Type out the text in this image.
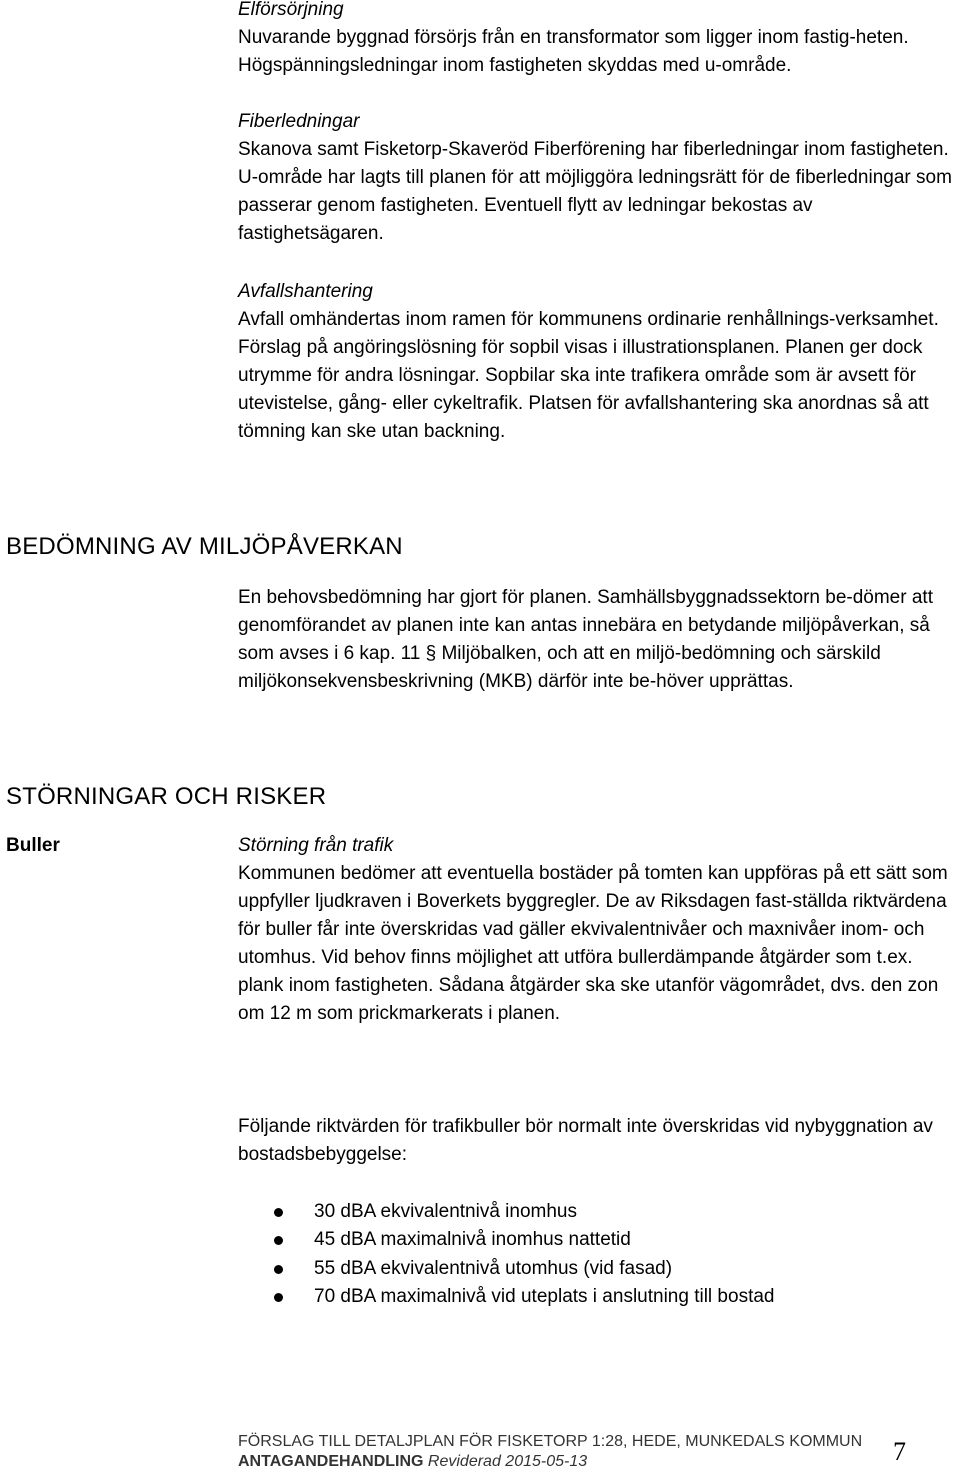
Elförsörjning

Nuvarande byggnad försörjs från en transformator som ligger inom fastig-heten. Högspänningsledningar inom fastigheten skyddas med u-område.

Fiberledningar

Skanova samt Fisketorp-Skaveröd Fiberförening har fiberledningar inom fastigheten. U-område har lagts till planen för att möjliggöra ledningsrätt för de fiberledningar som passerar genom fastigheten. Eventuell flytt av ledningar bekostas av fastighetsägaren.

Avfallshantering

Avfall omhändertas inom ramen för kommunens ordinarie renhållnings-verksamhet. Förslag på angöringslösning för sopbil visas i illustrationsplanen. Planen ger dock utrymme för andra lösningar. Sopbilar ska inte trafikera område som är avsett för utevistelse, gång- eller cykeltrafik. Platsen för avfallshantering ska anordnas så att tömning kan ske utan backning.

BEDÖMNING AV MILJÖPÅVERKAN

En behovsbedömning har gjort för planen. Samhällsbyggnadssektorn be-dömer att genomförandet av planen inte kan antas innebära en betydande miljöpåverkan, så som avses i 6 kap. 11 § Miljöbalken, och att en miljö-bedömning och särskild miljökonsekvensbeskrivning (MKB) därför inte be-höver upprättas.

STÖRNINGAR OCH RISKER
Buller	Störning från trafik

Kommunen bedömer att eventuella bostäder på tomten kan uppföras på ett sätt som uppfyller ljudkraven i Boverkets byggregler. De av Riksdagen fast-ställda riktvärdena för buller får inte överskridas vad gäller ekvivalentnivåer och maxnivåer inom- och utomhus. Vid behov finns möjlighet att utföra bullerdämpande åtgärder som t.ex. plank inom fastigheten. Sådana åtgärder ska ske utanför vägområdet, dvs. den zon om 12 m som prickmarkerats i planen.

Följande riktvärden för trafikbuller bör normalt inte överskridas vid nybyggnation av bostadsbebyggelse:

30 dBA ekvivalentnivå inomhus
45 dBA maximalnivå inomhus nattetid
55 dBA ekvivalentnivå utomhus (vid fasad)
70 dBA maximalnivå vid uteplats i anslutning till bostad
FÖRSLAG TILL DETALJPLAN FÖR FISKETORP 1:28, HEDE, MUNKEDALS KOMMUN
ANTAGANDEHANDLING Reviderad 2015-05-13	7
